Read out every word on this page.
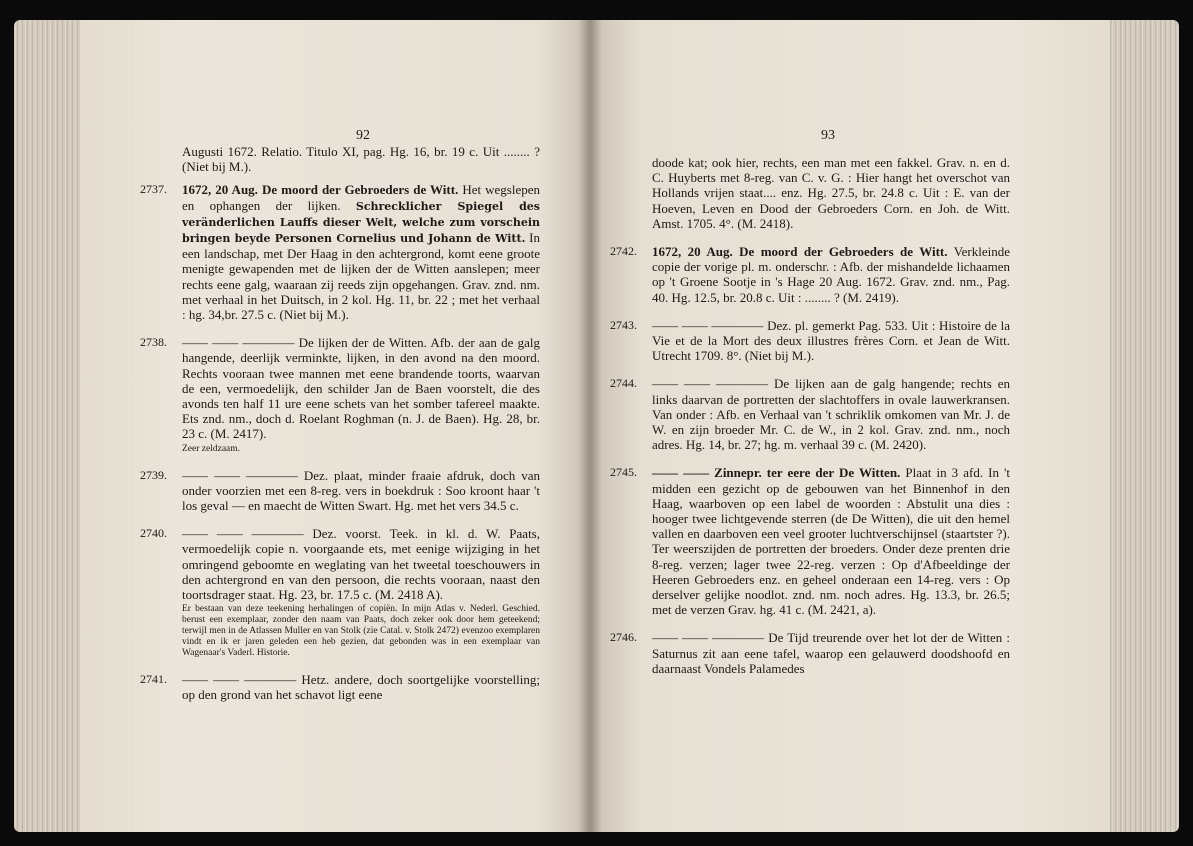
92	93
Augusti 1672. Relatio. Titulo XI, pag. Hg. 16, br. 19 c. Uit ........ ? (Niet bij M.).
2737. 1672, 20 Aug. De moord der Gebroeders de Witt. Het wegslepen en ophangen der lijken. Schrecklicher Spiegel des veränderlichen Lauffs dieser Welt, welche zum vorschein bringen beyde Personen Cornelius und Johann de Witt. In een landschap, met Der Haag in den achtergrond, komt eene groote menigte gewapenden met de lijken der de Witten aanslepen; meer rechts eene galg, waaraan zij reeds zijn opgehangen. Grav. znd. nm. met verhaal in het Duitsch, in 2 kol. Hg. 11, br. 22 ; met het verhaal : hg. 34,br. 27.5 c. (Niet bij M.).
2738. —— —— ———— De lijken der de Witten. Afb. der aan de galg hangende, deerlijk verminkte, lijken, in den avond na den moord. Rechts vooraan twee mannen met eene brandende toorts, waarvan de een, vermoedelijk, den schilder Jan de Baen voorstelt, die des avonds ten half 11 ure eene schets van het somber tafereel maakte. Ets znd. nm., doch d. Roelant Roghman (n. J. de Baen). Hg. 28, br. 23 c. (M. 2417).
Zeer zeldzaam.
2739. —— —— ———— Dez. plaat, minder fraaie afdruk, doch van onder voorzien met een 8-reg. vers in boekdruk : Soo kroont haar 't los geval — en maecht de Witten Swart. Hg. met het vers 34.5 c.
2740. —— —— ———— Dez. voorst. Teek. in kl. d. W. Paats, vermoedelijk copie n. voorgaande ets, met eenige wijziging in het omringend geboomte en weglating van het tweetal toeschouwers in den achtergrond en van den persoon, die rechts vooraan, naast den toortsdrager staat. Hg. 23, br. 17.5 c. (M. 2418 A).
Er bestaan van deze teekening herhalingen of copiën. In mijn Atlas v. Nederl. Geschied. berust een exemplaar, zonder den naam van Paats, doch zeker ook door hem geteekend; terwijl men in de Atlassen Muller en van Stolk (zie Catal. v. Stolk 2472) evenzoo exemplaren vindt en ik er jaren geleden een heb gezien, dat gebonden was in een exemplaar van Wagenaar's Vaderl. Historie.
2741. —— —— ———— Hetz. andere, doch soortgelijke voorstelling; op den grond van het schavot ligt eene
doode kat; ook hier, rechts, een man met een fakkel. Grav. n. en d. C. Huyberts met 8-reg. van C. v. G. : Hier hangt het overschot van Hollands vrijen staat.... enz. Hg. 27.5, br. 24.8 c. Uit : E. van der Hoeven, Leven en Dood der Gebroeders Corn. en Joh. de Witt. Amst. 1705. 4°. (M. 2418).
2742. 1672, 20 Aug. De moord der Gebroeders de Witt. Verkleinde copie der vorige pl. m. onderschr. : Afb. der mishandelde lichaamen op 't Groene Sootje in 's Hage 20 Aug. 1672. Grav. znd. nm., Pag. 40. Hg. 12.5, br. 20.8 c. Uit : ........ ? (M. 2419).
2743. —— —— ———— Dez. pl. gemerkt Pag. 533. Uit : Histoire de la Vie et de la Mort des deux illustres frères Corn. et Jean de Witt. Utrecht 1709. 8°. (Niet bij M.).
2744. —— —— ———— De lijken aan de galg hangende; rechts en links daarvan de portretten der slachtoffers in ovale lauwerkransen. Van onder : Afb. en Verhaal van 't schriklik omkomen van Mr. J. de W. en zijn broeder Mr. C. de W., in 2 kol. Grav. znd. nm., noch adres. Hg. 14, br. 27; hg. m. verhaal 39 c. (M. 2420).
2745. —— —— Zinnepr. ter eere der De Witten. Plaat in 3 afd. In 't midden een gezicht op de gebouwen van het Binnenhof in den Haag, waarboven op een label de woorden : Abstulit una dies : hooger twee lichtgevende sterren (de De Witten), die uit den hemel vallen en daarboven een veel grooter luchtverschijnsel (staartster ?). Ter weerszijden de portretten der broeders. Onder deze prenten drie 8-reg. verzen; lager twee 22-reg. verzen : Op d'Afbeeldinge der Heeren Gebroeders enz. en geheel onderaan een 14-reg. vers : Op derselver gelijke noodlot. znd. nm. noch adres. Hg. 13.3, br. 26.5; met de verzen Grav. hg. 41 c. (M. 2421, a).
2746. —— —— ———— De Tijd treurende over het lot der de Witten : Saturnus zit aan eene tafel, waarop een gelauwerd doodshoofd en daarnaast Vondels Palamedes
